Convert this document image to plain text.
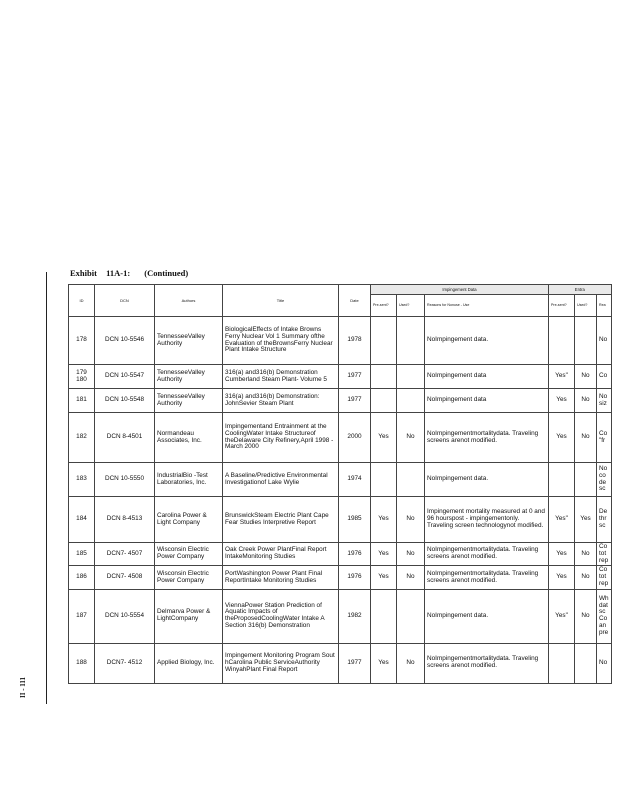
II - 111
Exhibit 11A-1: (Continued)
ID	DCN	Authors	Title	Date	Impingement Data			Entra		
					Pre-sent?	Used?	Reasons for Nonuse - Use	Pre-sent?	Used?	Rea
178	DCN 10-5546	TennesseeValley Authority	BiologicalEffects of Intake Browns Ferry Nuclear Vol 1 Summary ofthe Evaluation of theBrownsFerry Nuclear Plant Intake Structure	1978			NoImpingement data.			No
179 180	DCN 10-5547	TennesseeValley Authority	316(a) and316(b) Demonstration Cumberland Steam Plant- Volume 5	1977			NoImpingement data	Yes"	No	Co
181	DCN 10-5548	TennesseeValley Authority	316(a) and316(b) Demonstration: JohnSevier Steam Plant	1977			NoImpingement data	Yes	No	No siz
182	DCN 8-4501	Normandeau Associates, Inc.	Impingementand Entrainment at the CoolingWater Intake Structureof theDelaware City Refinery,April 1998 -March 2000	2000	Yes	No	NoImpingementmortalitydata. Traveling screens arenot modified.	Yes	No	Co "fr
183	DCN 10-5550	IndustrialBio -Test Laboratories, Inc.	A Baseline/Predictive Environmental Investigationof Lake Wylie	1974			NoImpingement data.			No co de sc
184	DCN 8-4513	Carolina Power & Light Company	BrunswickSteam Electric Plant Cape Fear Studies Interpretive Report	1985	Yes	No	Impingement mortality measured at 0 and 96 hourspost - impingementonly. Traveling screen technologynot modified.	Yes"	Yes	De thr sc
185	DCN7- 4507	Wisconsin Electric Power Company	Oak Creek Power PlantFinal Report IntakeMonitoring Studies	1976	Yes	No	NoImpingementmortalitydata. Traveling screens arenot modified.	Yes	No	Co tot rep
186	DCN7- 4508	Wisconsin Electric Power Company	PortWashington Power Plant Final ReportIntake Monitoring Studies	1976	Yes	No	NoImpingementmortalitydata. Traveling screens arenot modified.	Yes	No	Co tot rep
187	DCN 10-5554	Delmarva Power & LightCompany	ViennaPower Station Prediction of Aquatic Impacts of theProposedCoolingWater Intake A Section 316(b) Demonstration	1982			NoImpingement data.	Yes"	No	Wh dat sc Co an pre
188	DCN7- 4512	Applied Biology, Inc.	Impingement Monitoring Program Sout hCarolina Public ServiceAuthority WinyahPlant Final Report	1977	Yes	No	NoImpingementmortalitydata. Traveling screens arenot modified.			No
